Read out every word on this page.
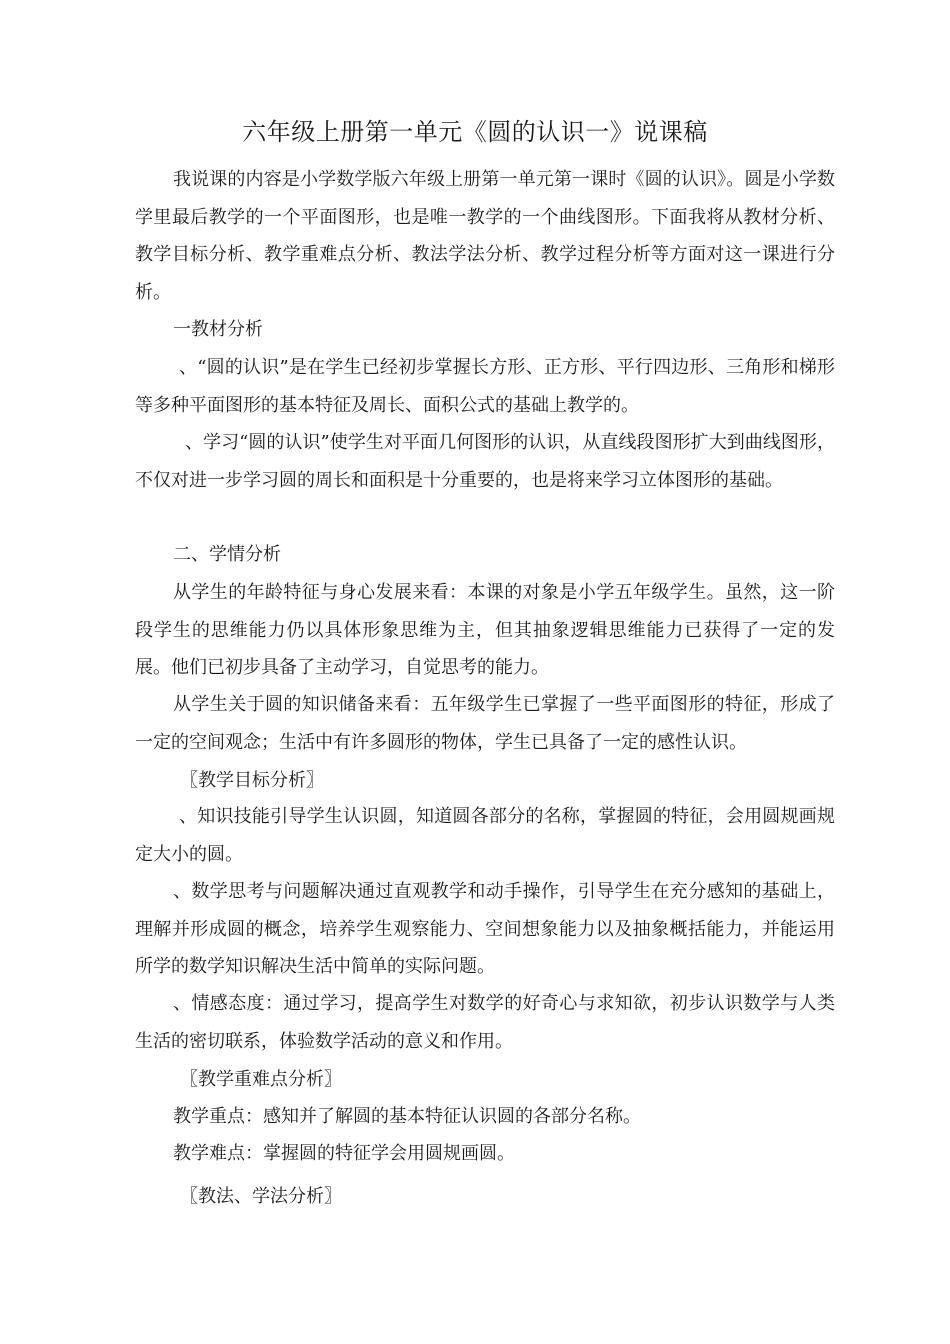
六年级上册第一单元《圆的认识一》说课稿
我说课的内容是小学数学版六年级上册第一单元第一课时《圆的认识》。圆是小学数学里最后教学的一个平面图形，也是唯一教学的一个曲线图形。下面我将从教材分析、教学目标分析、教学重难点分析、教法学法分析、教学过程分析等方面对这一课进行分析。
一教材分析
、“圆的认识”是在学生已经初步掌握长方形、正方形、平行四边形、三角形和梯形等多种平面图形的基本特征及周长、面积公式的基础上教学的。
、学习“圆的认识”使学生对平面几何图形的认识，从直线段图形扩大到曲线图形，不仅对进一步学习圆的周长和面积是十分重要的，也是将来学习立体图形的基础。
二、学情分析
从学生的年龄特征与身心发展来看：本课的对象是小学五年级学生。虽然，这一阶段学生的思维能力仍以具体形象思维为主，但其抽象逻辑思维能力已获得了一定的发展。他们已初步具备了主动学习，自觉思考的能力。
从学生关于圆的知识储备来看：五年级学生已掌握了一些平面图形的特征，形成了一定的空间观念；生活中有许多圆形的物体，学生已具备了一定的感性认识。
〖教学目标分析〗
、知识技能引导学生认识圆，知道圆各部分的名称，掌握圆的特征，会用圆规画规定大小的圆。
、数学思考与问题解决通过直观教学和动手操作，引导学生在充分感知的基础上，理解并形成圆的概念，培养学生观察能力、空间想象能力以及抽象概括能力，并能运用所学的数学知识解决生活中简单的实际问题。
、情感态度：通过学习，提高学生对数学的好奇心与求知欲，初步认识数学与人类生活的密切联系，体验数学活动的意义和作用。
〖教学重难点分析〗
教学重点：感知并了解圆的基本特征认识圆的各部分名称。
教学难点：掌握圆的特征学会用圆规画圆。
〖教法、学法分析〗
